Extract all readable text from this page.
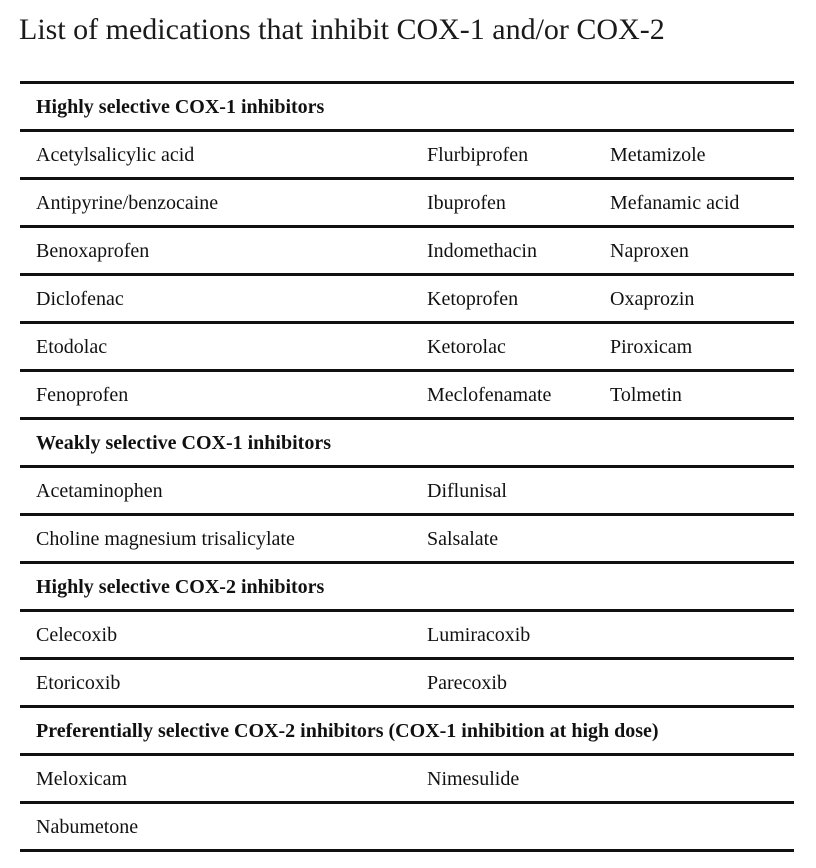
List of medications that inhibit COX-1 and/or COX-2
Highly selective COX-1 inhibitors		
Acetylsalicylic acid	Flurbiprofen	Metamizole
Antipyrine/benzocaine	Ibuprofen	Mefanamic acid
Benoxaprofen	Indomethacin	Naproxen
Diclofenac	Ketoprofen	Oxaprozin
Etodolac	Ketorolac	Piroxicam
Fenoprofen	Meclofenamate	Tolmetin
Weakly selective COX-1 inhibitors		
Acetaminophen	Diflunisal	
Choline magnesium trisalicylate	Salsalate	
Highly selective COX-2 inhibitors		
Celecoxib	Lumiracoxib	
Etoricoxib	Parecoxib	
Preferentially selective COX-2 inhibitors (COX-1 inhibition at high dose)		
Meloxicam	Nimesulide	
Nabumetone		
